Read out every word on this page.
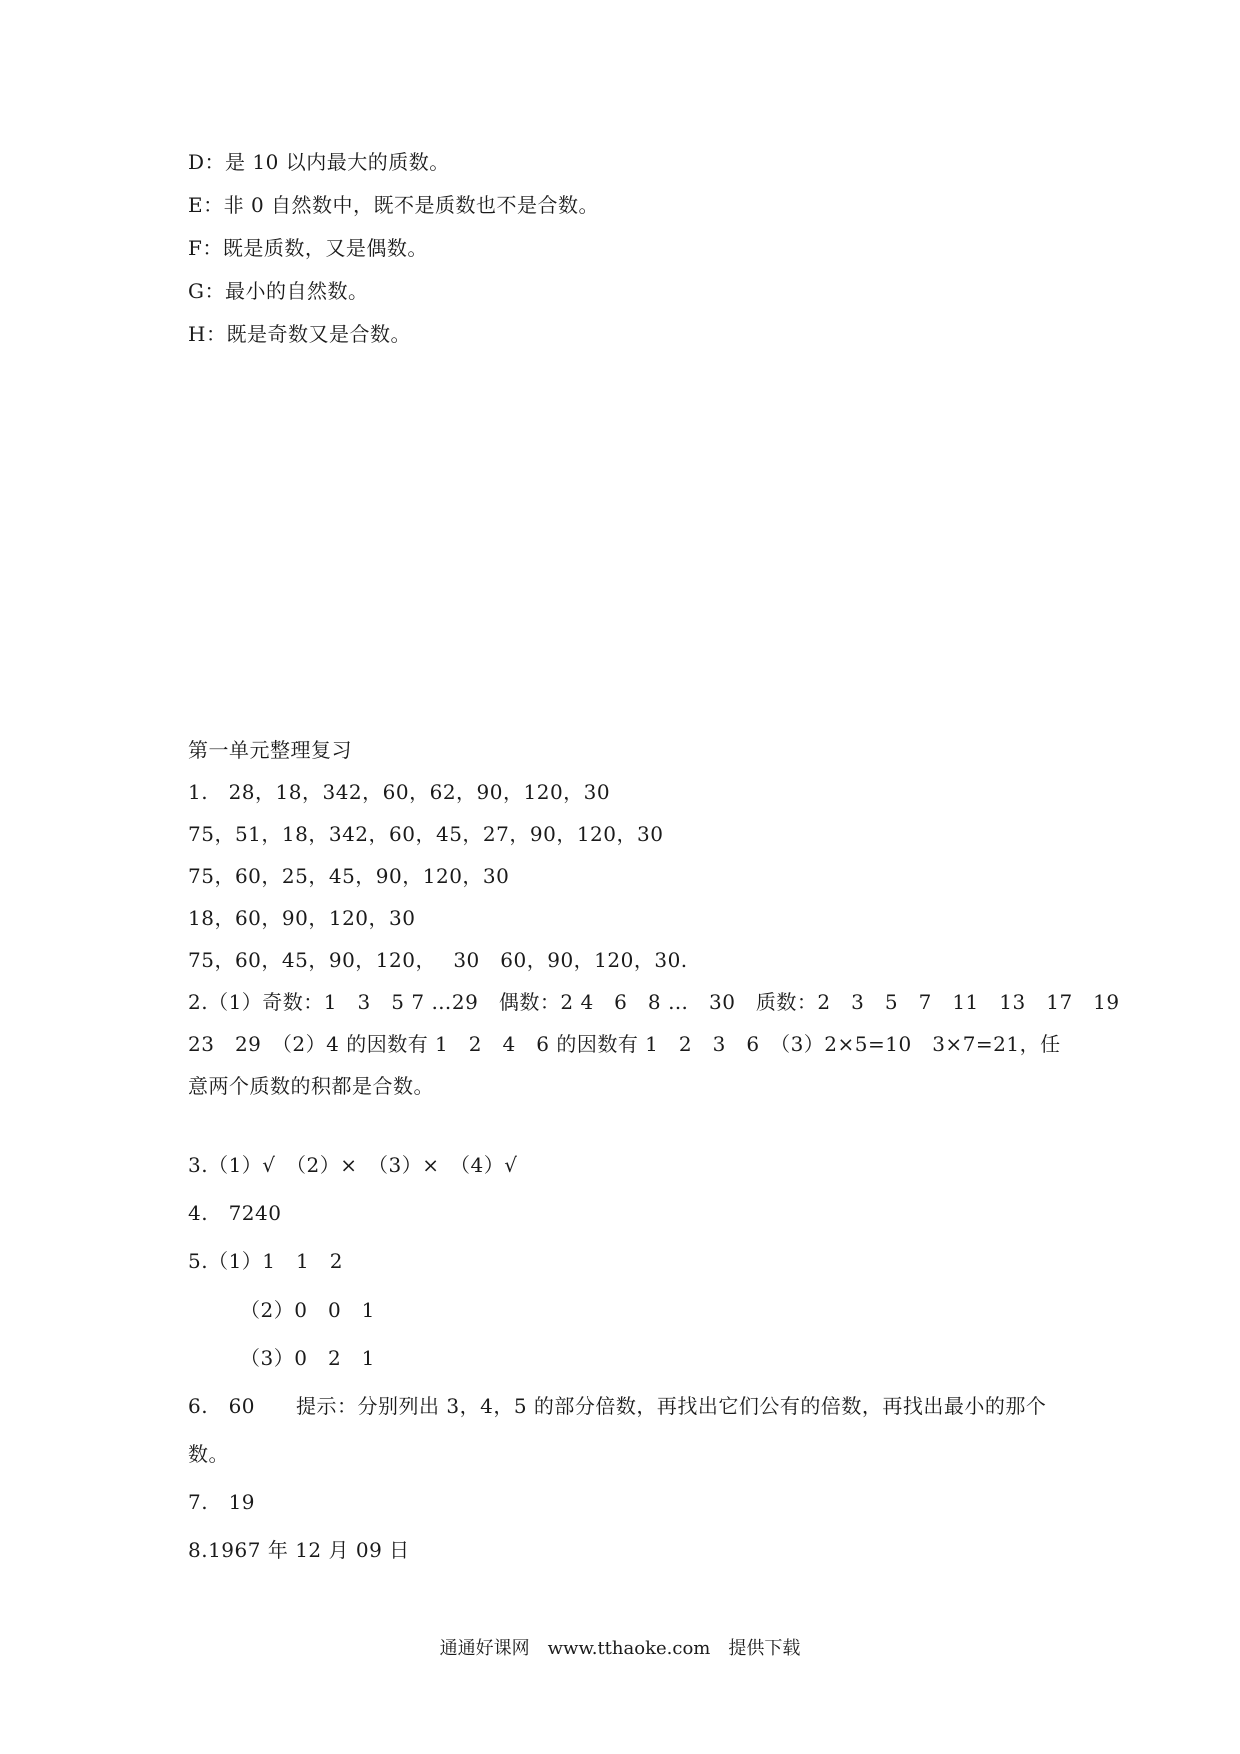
D：是 10 以内最大的质数。
E：非 0 自然数中，既不是质数也不是合数。
F：既是质数，又是偶数。
G：最小的自然数。
H：既是奇数又是合数。
第一单元整理复习
1.　28，18，342，60，62，90，120，30
75，51，18，342，60，45，27，90，120，30
75，60，25，45，90，120，30
18，60，90，120，30
75，60，45，90，120，　 30　60，90，120，30.
2.（1）奇数：1　3　5 7 …29　偶数：2 4　6　8 …　30　质数：2　3　5　7　11　13　17　19
23　29　（2）4 的因数有 1　2　4　6 的因数有 1　2　3　6　（3）2×5=10　3×7=21，任
意两个质数的积都是合数。
3.（1）√　（2）×　（3）×　（4）√
4.　7240
5.（1）1　1　2
（2）0　0　1
（3）0　2　1
6.　60　　提示：分别列出 3，4，5 的部分倍数，再找出它们公有的倍数，再找出最小的那个
数。
7.　19
8.1967 年 12 月 09 日
通通好课网　www.tthaoke.com　提供下载
